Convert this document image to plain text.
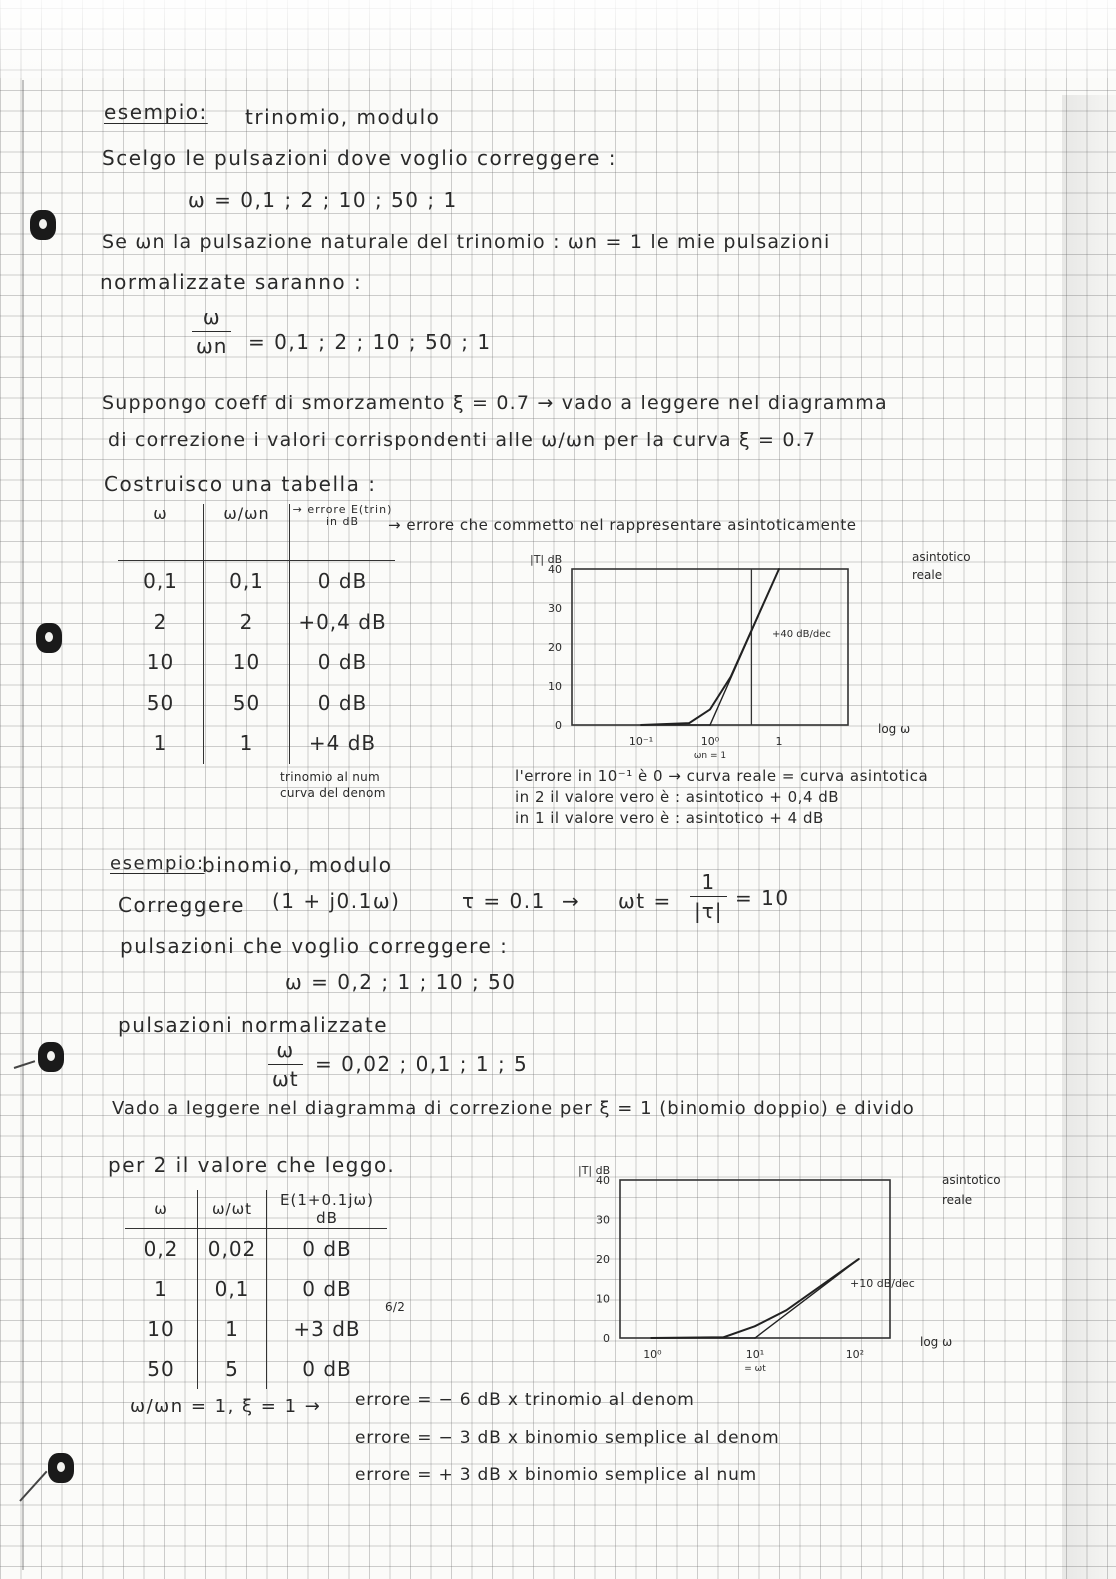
esempio: trinomio, modulo
Scelgo le pulsazioni dove voglio correggere :
ω = 0,1 ; 2 ; 10 ; 50 ; 1
Se ωn la pulsazione naturale del trinomio : ωn = 1 le mie pulsazioni
normalizzate saranno :
ω
ωn = 0,1 ; 2 ; 10 ; 50 ; 1
Suppongo coeff di smorzamento ξ = 0.7 → vado a leggere nel diagramma
di correzione i valori corrispondenti alle ω/ωn per la curva ξ = 0.7
Costruisco una tabella :
→ errore che commetto nel rappresentare asintoticamente
ω	ω/ωn	→ errore E(trin) in dB
0,1	0,1	0 dB
2	2	+0,4 dB
10	10	0 dB
50	50	0 dB
1	1	+4 dB
trinomio al num
curva del denom
0
10
20
30
40
|T| dB
log ω
10⁻¹	10⁰	1
ωn = 1
asintotico
reale
+40 dB/dec
l'errore in 10⁻¹ è 0 → curva reale = curva asintotica
in 2 il valore vero è : asintotico + 0,4 dB
in 1 il valore vero è : asintotico + 4 dB
esempio:
binomio, modulo
Correggere (1 + j0.1ω)	τ = 0.1 → ωt =
1
|τ|
= 10
pulsazioni che voglio correggere :
ω = 0,2 ; 1 ; 10 ; 50
pulsazioni normalizzate
ω
ωt
= 0,02 ; 0,1 ; 1 ; 5
Vado a leggere nel diagramma di correzione per ξ = 1 (binomio doppio) e divido
per 2 il valore che leggo.
ω	ω/ωt	E(1+0.1jω) dB
0,2	0,02	0 dB
1	0,1	0 dB
10	1	+3 dB
50	5	0 dB
6/2
0
10
20
30
40
|T| dB
log ω
10⁰	10¹	10²
= ωt
asintotico
reale
+10 dB/dec
ω/ωn = 1, ξ = 1 → errore = − 6 dB x trinomio al denom
errore = − 3 dB x binomio semplice al denom
errore = + 3 dB x binomio semplice al num
